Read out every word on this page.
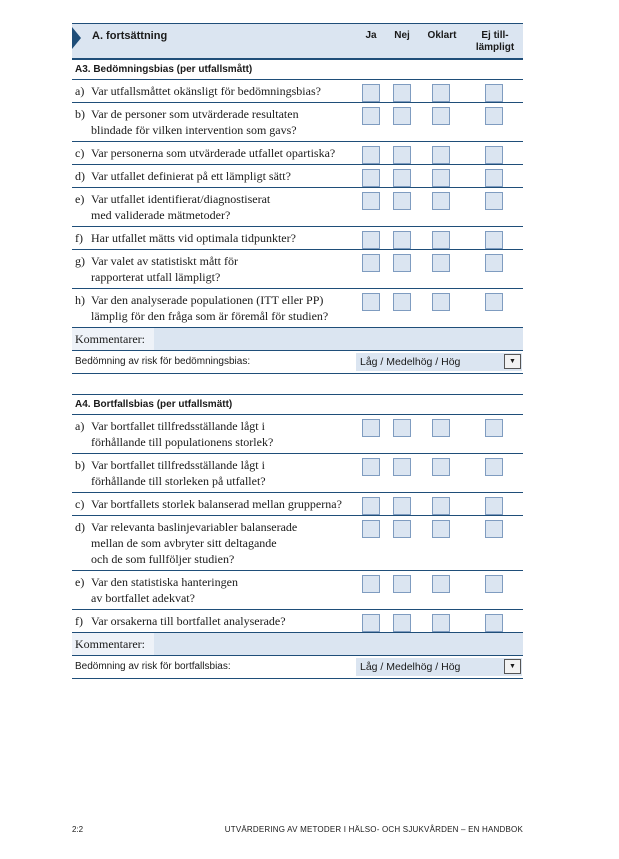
A. fortsättning	Ja	Nej	Oklart	Ej till-
lämpligt
A3. Bedömningsbias (per utfallsmått)
a) Var utfallsmåttet okänsligt för bedömningsbias?
b) Var de personer som utvärderade resultaten
blindade för vilken intervention som gavs?
c) Var personerna som utvärderade utfallet opartiska?
d) Var utfallet definierat på ett lämpligt sätt?
e) Var utfallet identifierat/diagnostiserat
med validerade mätmetoder?
f) Har utfallet mätts vid optimala tidpunkter?
g) Var valet av statistiskt mått för
rapporterat utfall lämpligt?
h) Var den analyserade populationen (ITT eller PP)
lämplig för den fråga som är föremål för studien?
Kommentarer:
Bedömning av risk för bedömningsbias:	Låg / Medelhög / Hög	▼
A4. Bortfallsbias (per utfallsmätt)
a) Var bortfallet tillfredsställande lågt i
förhållande till populationens storlek?
b) Var bortfallet tillfredsställande lågt i
förhållande till storleken på utfallet?
c) Var bortfallets storlek balanserad mellan grupperna?
d) Var relevanta baslinjevariabler balanserade
mellan de som avbryter sitt deltagande
och de som fullföljer studien?
e) Var den statistiska hanteringen
av bortfallet adekvat?
f) Var orsakerna till bortfallet analyserade?
Kommentarer:
Bedömning av risk för bortfallsbias:	Låg / Medelhög / Hög	▼
2:2	UTVÄRDERING AV METODER I HÄLSO- OCH SJUKVÅRDEN – EN HANDBOK
